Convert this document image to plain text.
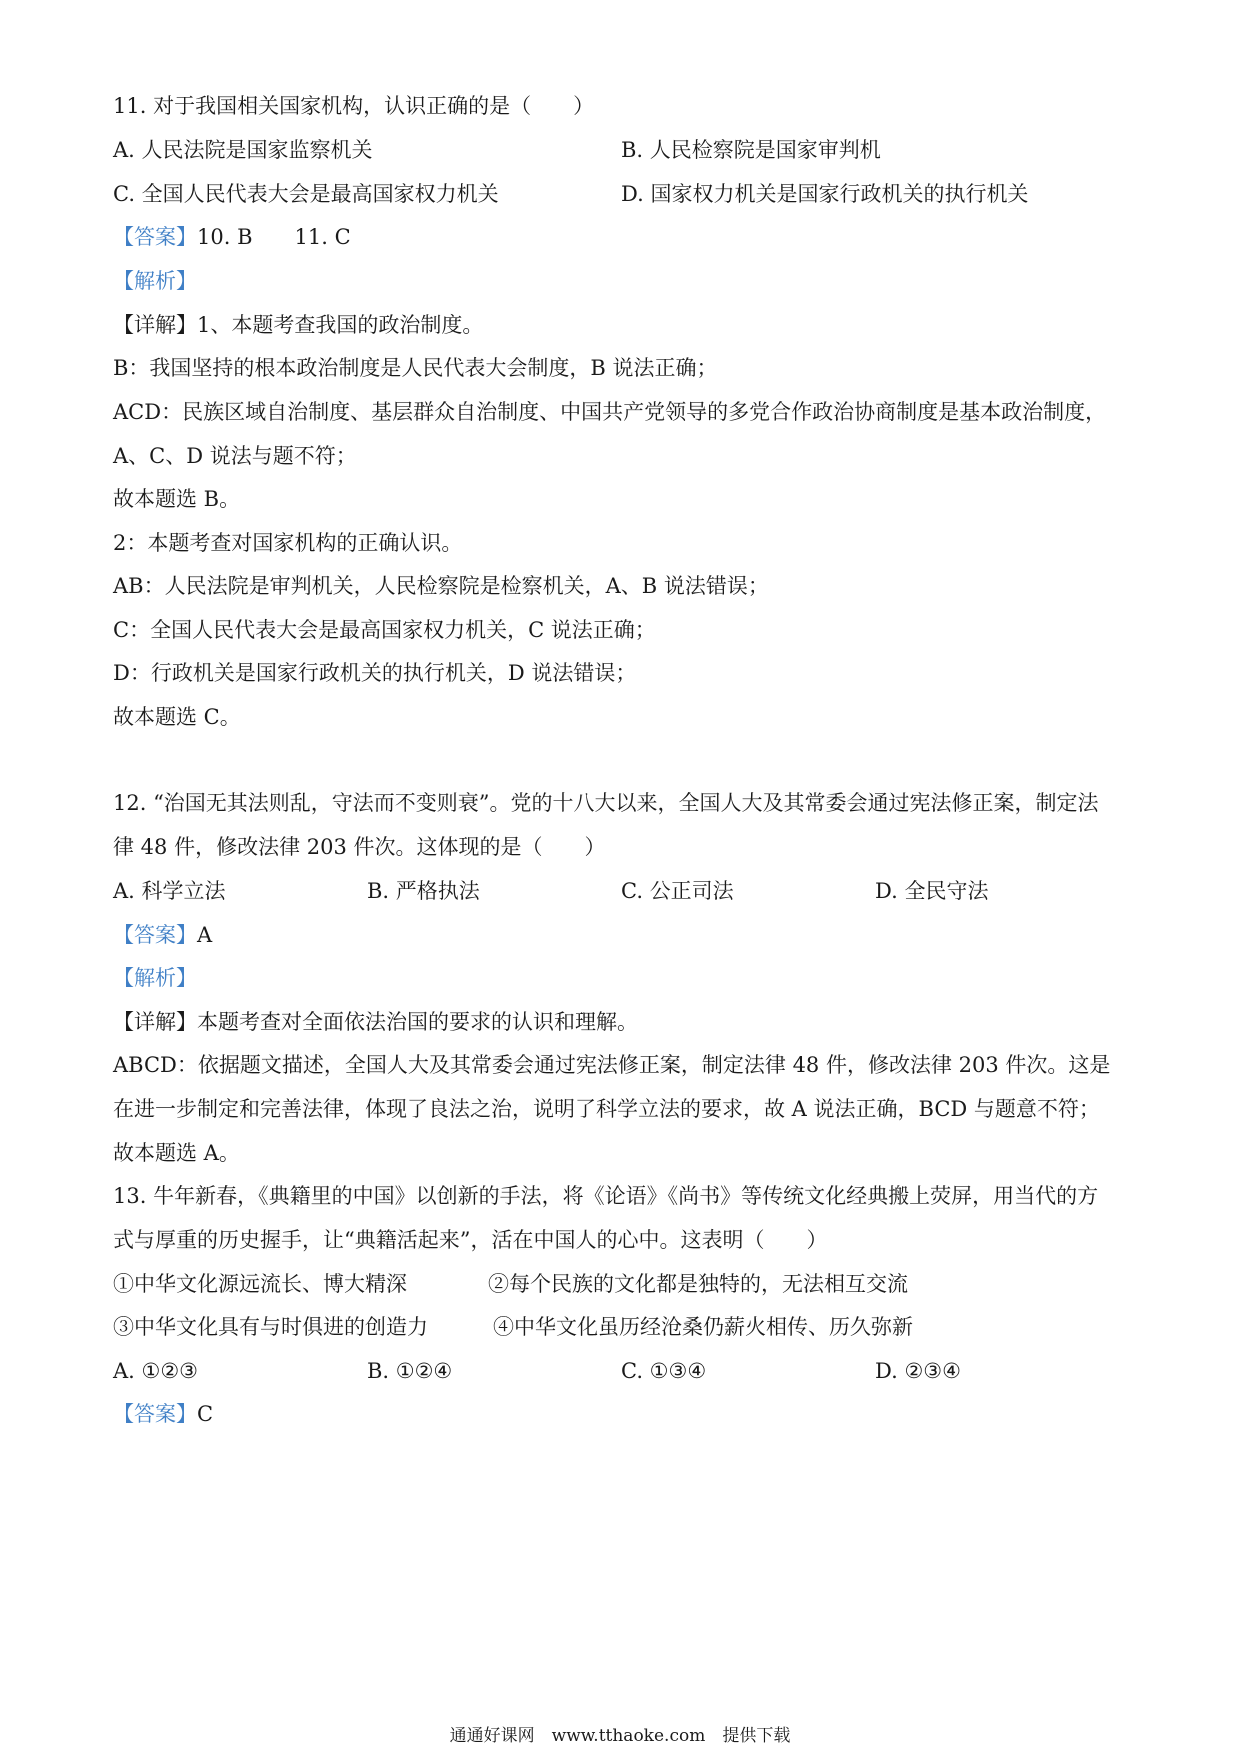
11. 对于我国相关国家机构，认识正确的是（　　）
A. 人民法院是国家监察机关	B. 人民检察院是国家审判机
C. 全国人民代表大会是最高国家权力机关	D. 国家权力机关是国家行政机关的执行机关
【答案】10. B　　11. C
【解析】
【详解】1、本题考查我国的政治制度。
B：我国坚持的根本政治制度是人民代表大会制度，B 说法正确；
ACD：民族区域自治制度、基层群众自治制度、中国共产党领导的多党合作政治协商制度是基本政治制度，
A、C、D 说法与题不符；
故本题选 B。
2：本题考查对国家机构的正确认识。
AB：人民法院是审判机关，人民检察院是检察机关，A、B 说法错误；
C：全国人民代表大会是最高国家权力机关，C 说法正确；
D：行政机关是国家行政机关的执行机关，D 说法错误；
故本题选 C。
12. “治国无其法则乱，守法而不变则衰”。党的十八大以来，全国人大及其常委会通过宪法修正案，制定法
律 48 件，修改法律 203 件次。这体现的是（　　）
A. 科学立法	B. 严格执法	C. 公正司法	D. 全民守法
【答案】A
【解析】
【详解】本题考查对全面依法治国的要求的认识和理解。
ABCD：依据题文描述，全国人大及其常委会通过宪法修正案，制定法律 48 件，修改法律 203 件次。这是
在进一步制定和完善法律，体现了良法之治，说明了科学立法的要求，故 A 说法正确，BCD 与题意不符；
故本题选 A。
13. 牛年新春，《典籍里的中国》以创新的手法，将《论语》《尚书》等传统文化经典搬上荧屏，用当代的方
式与厚重的历史握手，让“典籍活起来”，活在中国人的心中。这表明（　　）
①中华文化源远流长、博大精深	②每个民族的文化都是独特的，无法相互交流
③中华文化具有与时俱进的创造力	④中华文化虽历经沧桑仍薪火相传、历久弥新
A. ①②③	B. ①②④	C. ①③④	D. ②③④
【答案】C
通通好课网　www.tthaoke.com　提供下载
